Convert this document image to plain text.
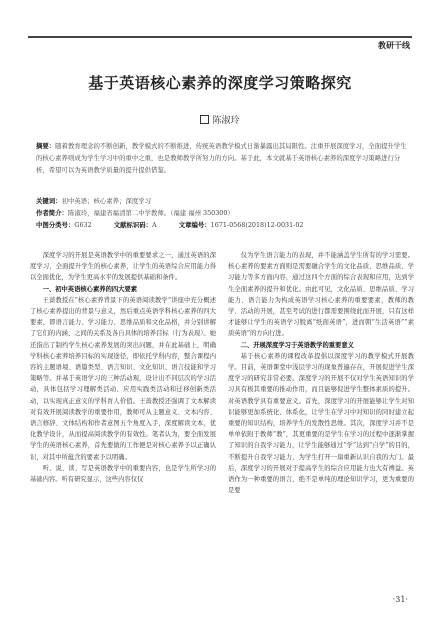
教研干线
基于英语核心素养的深度学习策略探究
陈淑玲
摘要：随着教育理念的不断创新，教学模式的不断推进，传统英语教学模式日渐暴露出其局限性。注重开展深度学习，全面提升学生的核心素养则成为学生学习中的重中之重，也是教师教学所努力的方向。基于此，本文就基于英语核心素养的深度学习策略进行分析，希望可以为英语教学质量的提升提供借鉴。
关键词：初中英语；核心素养；深度学习
作者简介：陈淑玲，福建省福清第二中学教师。（福建 福州 350300）
中图分类号：G632	文献标识码：A	文章编号：1671-0568(2018)12-0031-02

深度学习的开展是英语教学中的重要要求之一，通过英语的深度学习，全面提升学生的核心素养，让学生的英语综合应用能力得以全面优化，为学生更高水平的发展提供基础和条件。

一、初中英语核心素养的四大要素

王蔷教授在“核心素养背景下的英语阅读教学”讲座中充分概述了核心素养提出的背景与意义，然后重点英语学科核心素养的四大要素，即语言能力、学习能力、思维品质和文化品格，并分别讲解了它们的内涵、之间的关系及各自具体的培养目标（行为表现）。她还指出了制约学生核心素养发展的突出问题，并在此基础上，明确学科核心素养培养目标的实现途径，即依托学科内容，整合课程内容的主题语境、语篇类型、语言知识、文化知识、语言技能和学习策略等。并基于英语学习的三种活动观，设计出不同层次的学习活动，具体包括学习理解类活动、应用实践类活动和迁移创新类活动，以实现真正意义的学科育人价值。王蔷教授还强调了文本解读对有效开展阅读教学的重要作用，教师可从主题意义、文本内容、语言修辞、文体结构和作者意图五个角度入手，深度解读文本，优化教学设计，从而提高阅读教学的有效性。笔者认为，要全面发展学生的英语核心素养，首先要做的工作便是对核心素养予以正确认识，对其中所蕴含的要素予以明确。

听、说、读、写是英语教学中的重要内容，也是学生所学习的基础内容。听有研究显示，这些内容仅仅

仅为学生语言能力的表现，并不能涵盖学生所有的学习需要。核心素养的要素方面则是需要融合学生的文化品质、思维品质、学习能力等多方面内容，通过这四个方面的综合表现和应用，达到学生全面素养的提升和优化。由此可见，文化品质、思维品质、学习能力、语言能力为构成英语学习核心素养的重要要素，教师的教学、活动的开展，甚至考试的进行都需要围绕此而开展，只有这样才能够让学生的英语学习脱离“纸面英语”，进而朝“生活英语”“素质英语”的方向行进。

二、开展深度学习于英语教学的重要意义

基于核心素养的课程改革提倡以深度学习的教学模式开展教学。目前，英语课堂中浅层学习的现象普遍存在，开展促进学生深度学习的研究非常必要。深度学习的开展不仅对学生英语知识的学习具有极其重要的推动作用，而且能够促进学生整体素质的提升。对英语教学具有重要意义。首先，深度学习的开展能够让学生对知识能够更加系统化、体系化，让学生在学习中对知识的同时建立起重要的知识结构，培养学生的发散性思维。其次，深度学习并不是单单依附于教师“教”，其更重要的是学生在学习的过程中逐渐掌握了知识的自我学习能力，让学生能够通过“学”达到“自学”的目的，不断提升自我学习能力，为学生打开一扇重新认识自我的大门。最后，深度学习的开展对于提高学生的综合应用能力也大有裨益。英语作为一种重要的语言，绝不是单纯的理论知识学习，更为重要的是要

·31·
